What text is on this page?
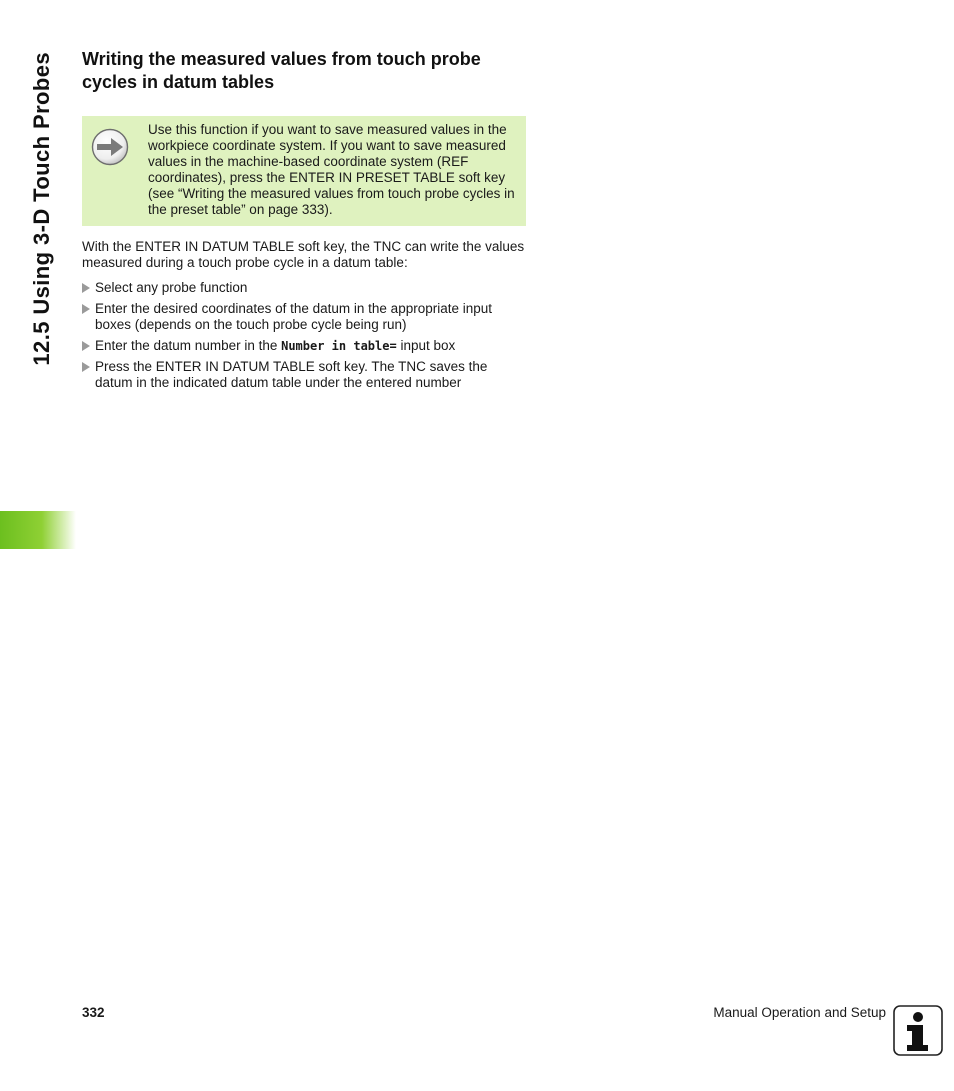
12.5 Using 3-D Touch Probes	Writing the measured values from touch probe cycles in datum tables
Use this function if you want to save measured values in the workpiece coordinate system. If you want to save measured values in the machine-based coordinate system (REF coordinates), press the ENTER IN PRESET TABLE soft key (see “Writing the measured values from touch probe cycles in the preset table” on page 333).

With the ENTER IN DATUM TABLE soft key, the TNC can write the values measured during a touch probe cycle in a datum table:

Select any probe function
Enter the desired coordinates of the datum in the appropriate input boxes (depends on the touch probe cycle being run)
Enter the datum number in the Number in table= input box
Press the ENTER IN DATUM TABLE soft key. The TNC saves the datum in the indicated datum table under the entered number
332	Manual Operation and Setup
